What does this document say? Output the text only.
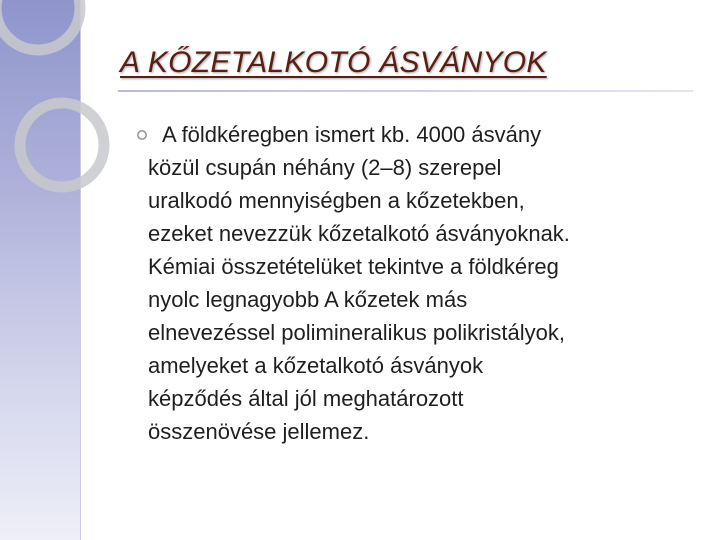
A KŐZETALKOTÓ ÁSVÁNYOK
A földkéregben ismert kb. 4000 ásvány
közül csupán néhány (2–8) szerepel
uralkodó mennyiségben a kőzetekben,
ezeket nevezzük kőzetalkotó ásványoknak.
Kémiai összetételüket tekintve a földkéreg
nyolc legnagyobb A kőzetek más
elnevezéssel polimineralikus polikristályok,
amelyeket a kőzetalkotó ásványok
képződés által jól meghatározott
összenövése jellemez.
